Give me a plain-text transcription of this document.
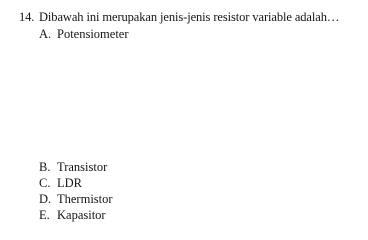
14. Dibawah ini merupakan jenis-jenis resistor variable adalah…
A. Potensiometer
B. Transistor
C. LDR
D. Thermistor
E. Kapasitor
